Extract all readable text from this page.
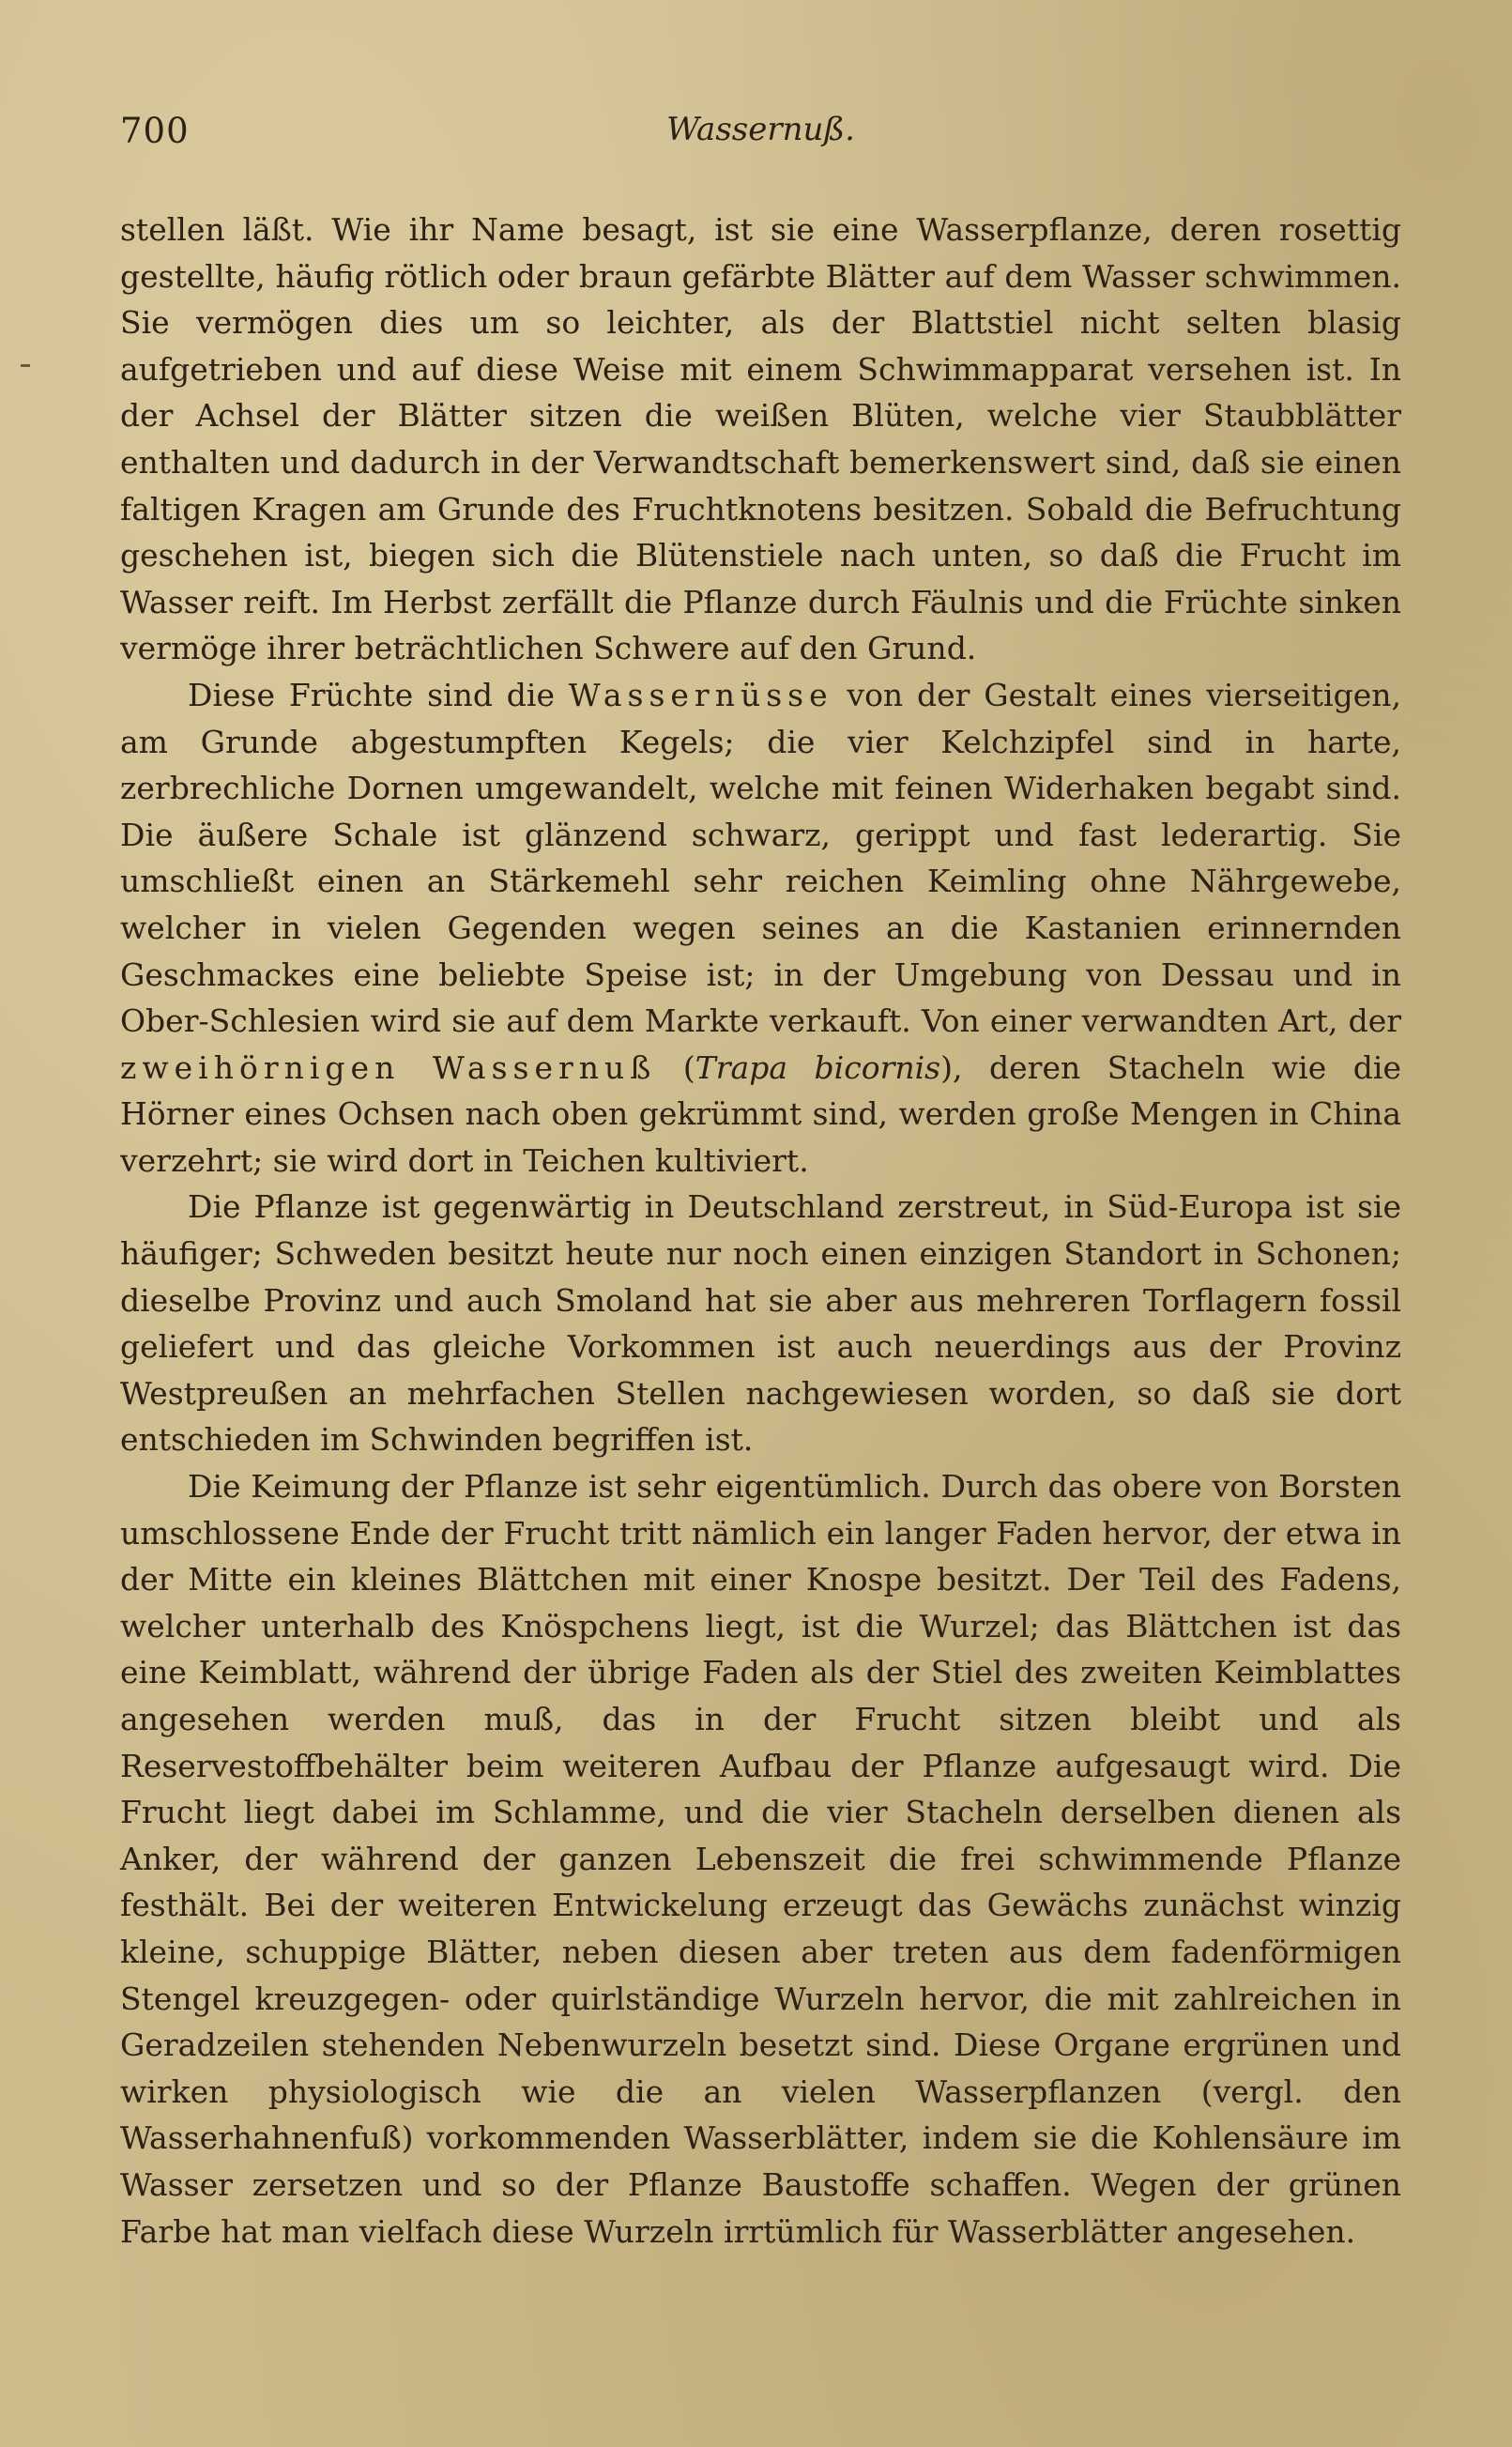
700	Wassernuß.

stellen läßt. Wie ihr Name besagt, ist sie eine Wasserpflanze, deren rosettig gestellte, häufig rötlich oder braun gefärbte Blätter auf dem Wasser schwimmen. Sie vermögen dies um so leichter, als der Blattstiel nicht selten blasig aufgetrieben und auf diese Weise mit einem Schwimmapparat versehen ist. In der Achsel der Blätter sitzen die weißen Blüten, welche vier Staubblätter enthalten und dadurch in der Verwandtschaft bemerkenswert sind, daß sie einen faltigen Kragen am Grunde des Fruchtknotens besitzen. Sobald die Befruchtung geschehen ist, biegen sich die Blütenstiele nach unten, so daß die Frucht im Wasser reift. Im Herbst zerfällt die Pflanze durch Fäulnis und die Früchte sinken vermöge ihrer beträchtlichen Schwere auf den Grund.

Diese Früchte sind die Wassernüsse von der Gestalt eines vierseitigen, am Grunde abgestumpften Kegels; die vier Kelchzipfel sind in harte, zerbrechliche Dornen umgewandelt, welche mit feinen Widerhaken begabt sind. Die äußere Schale ist glänzend schwarz, gerippt und fast lederartig. Sie umschließt einen an Stärkemehl sehr reichen Keimling ohne Nährgewebe, welcher in vielen Gegenden wegen seines an die Kastanien erinnernden Geschmackes eine beliebte Speise ist; in der Umgebung von Dessau und in Ober-Schlesien wird sie auf dem Markte verkauft. Von einer verwandten Art, der zweihörnigen Wassernuß (Trapa bicornis), deren Stacheln wie die Hörner eines Ochsen nach oben gekrümmt sind, werden große Mengen in China verzehrt; sie wird dort in Teichen kultiviert.

Die Pflanze ist gegenwärtig in Deutschland zerstreut, in Süd-Europa ist sie häufiger; Schweden besitzt heute nur noch einen einzigen Standort in Schonen; dieselbe Provinz und auch Smoland hat sie aber aus mehreren Torflagern fossil geliefert und das gleiche Vorkommen ist auch neuerdings aus der Provinz Westpreußen an mehrfachen Stellen nachgewiesen worden, so daß sie dort entschieden im Schwinden begriffen ist.

Die Keimung der Pflanze ist sehr eigentümlich. Durch das obere von Borsten umschlossene Ende der Frucht tritt nämlich ein langer Faden hervor, der etwa in der Mitte ein kleines Blättchen mit einer Knospe besitzt. Der Teil des Fadens, welcher unterhalb des Knöspchens liegt, ist die Wurzel; das Blättchen ist das eine Keimblatt, während der übrige Faden als der Stiel des zweiten Keimblattes angesehen werden muß, das in der Frucht sitzen bleibt und als Reservestoffbehälter beim weiteren Aufbau der Pflanze aufgesaugt wird. Die Frucht liegt dabei im Schlamme, und die vier Stacheln derselben dienen als Anker, der während der ganzen Lebenszeit die frei schwimmende Pflanze festhält. Bei der weiteren Entwickelung erzeugt das Gewächs zunächst winzig kleine, schuppige Blätter, neben diesen aber treten aus dem fadenförmigen Stengel kreuzgegen- oder quirlständige Wurzeln hervor, die mit zahlreichen in Geradzeilen stehenden Nebenwurzeln besetzt sind. Diese Organe ergrünen und wirken physiologisch wie die an vielen Wasserpflanzen (vergl. den Wasserhahnenfuß) vorkommenden Wasserblätter, indem sie die Kohlensäure im Wasser zersetzen und so der Pflanze Baustoffe schaffen. Wegen der grünen Farbe hat man vielfach diese Wurzeln irrtümlich für Wasserblätter angesehen.
